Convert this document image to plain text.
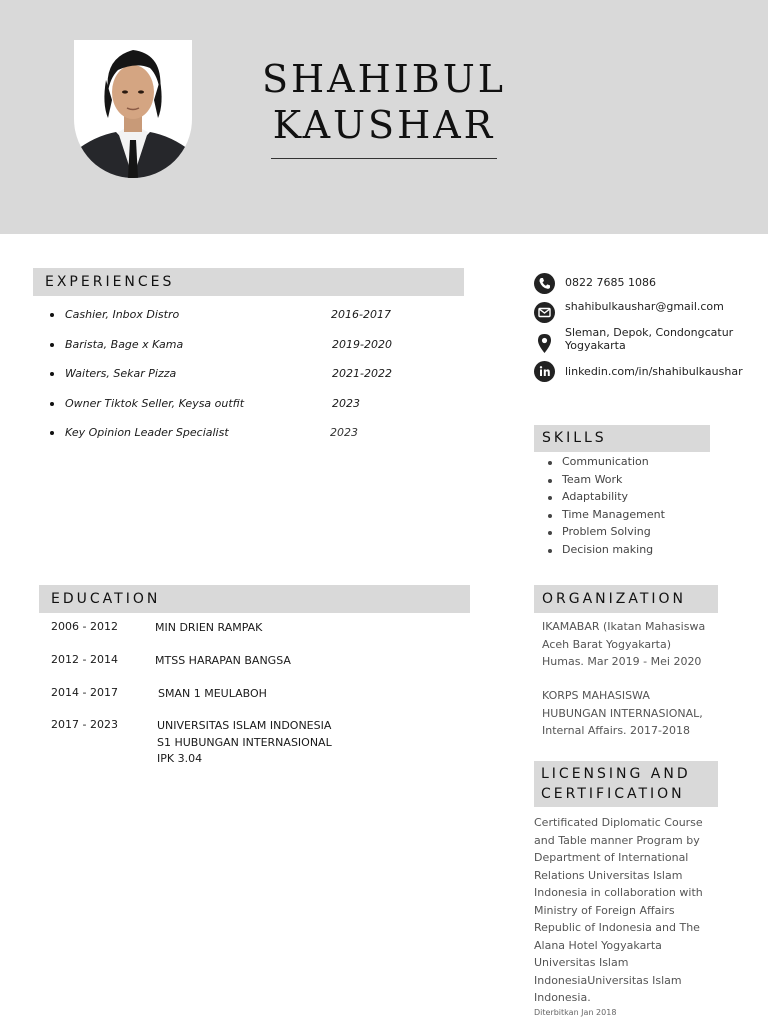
SHAHIBUL
KAUSHAR
EXPERIENCES
Cashier, Inbox Distro	2016-2017
Barista, Bage x Kama	2019-2020
Waiters, Sekar Pizza	2021-2022
Owner Tiktok Seller, Keysa outfit	2023
Key Opinion Leader Specialist	2023
EDUCATION
2006 - 2012	MIN DRIEN RAMPAK
2012 - 2014	MTSS HARAPAN BANGSA
2014 - 2017	SMAN 1 MEULABOH
2017 - 2023	UNIVERSITAS ISLAM INDONESIA
S1 HUBUNGAN INTERNASIONAL
IPK 3.04
0822 7685 1086
shahibulkaushar@gmail.com
Sleman, Depok, Condongcatur
Yogyakarta
linkedin.com/in/shahibulkaushar
SKILLS
Communication
Team Work
Adaptability
Time Management
Problem Solving
Decision making
ORGANIZATION
IKAMABAR (Ikatan Mahasiswa
Aceh Barat Yogyakarta)
Humas. Mar 2019 - Mei 2020
KORPS MAHASISWA
HUBUNGAN INTERNASIONAL,
Internal Affairs. 2017-2018
LICENSING AND
CERTIFICATION
Certificated Diplomatic Course
and Table manner Program by
Department of International
Relations Universitas Islam
Indonesia in collaboration with
Ministry of Foreign Affairs
Republic of Indonesia and The
Alana Hotel Yogyakarta
Universitas Islam
IndonesiaUniversitas Islam
Indonesia.
Diterbitkan Jan 2018
